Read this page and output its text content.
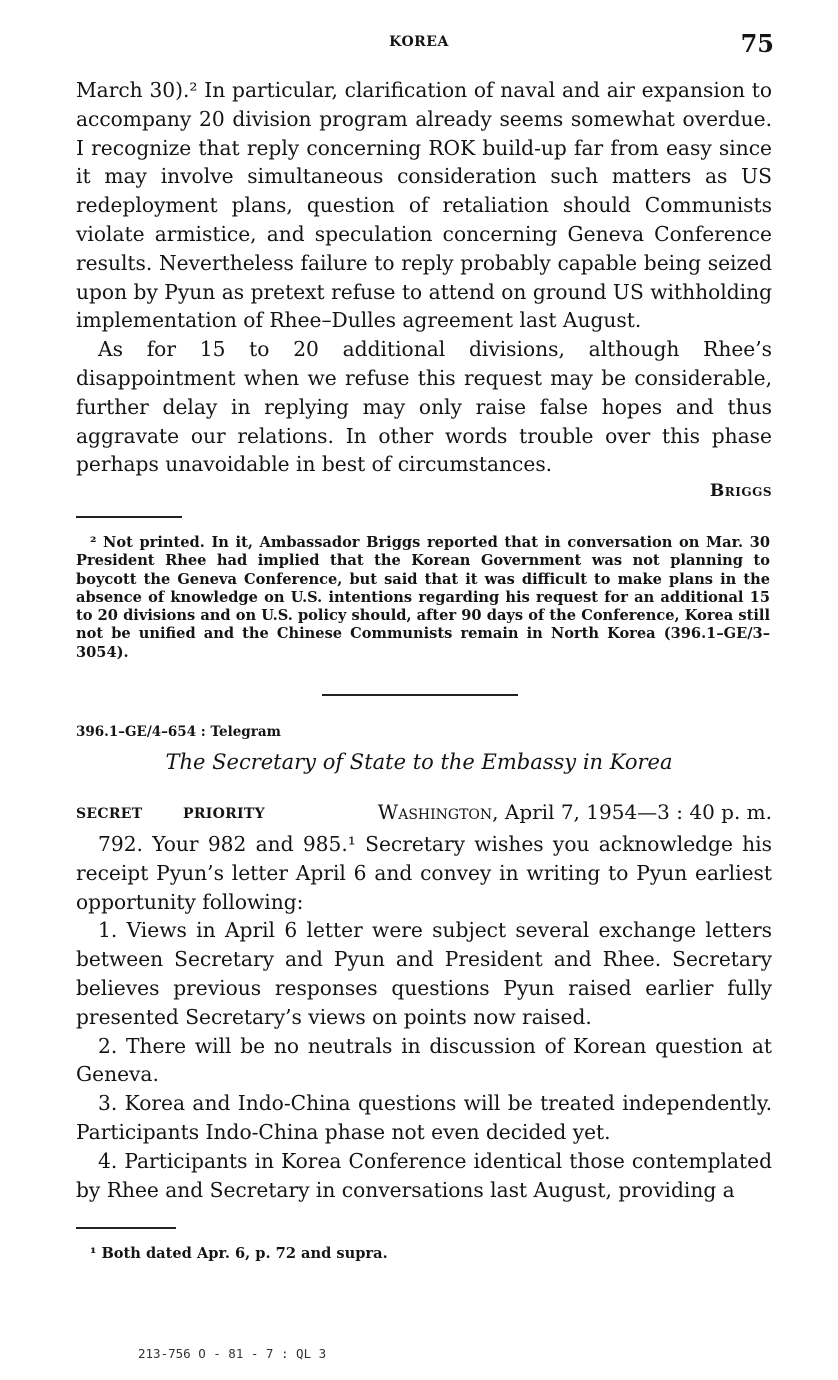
KOREA	75

March 30).² In particular, clarification of naval and air expansion to accompany 20 division program already seems somewhat overdue. I recognize that reply concerning ROK build-up far from easy since it may involve simultaneous consideration such matters as US redeployment plans, question of retaliation should Communists violate armistice, and speculation concerning Geneva Conference results. Nevertheless failure to reply probably capable being seized upon by Pyun as pretext refuse to attend on ground US withholding implementation of Rhee–Dulles agreement last August.

As for 15 to 20 additional divisions, although Rhee’s disappointment when we refuse this request may be considerable, further delay in replying may only raise false hopes and thus aggravate our relations. In other words trouble over this phase perhaps unavoidable in best of circumstances.

Briggs

² Not printed. In it, Ambassador Briggs reported that in conversation on Mar. 30 President Rhee had implied that the Korean Government was not planning to boycott the Geneva Conference, but said that it was difficult to make plans in the absence of knowledge on U.S. intentions regarding his request for an additional 15 to 20 divisions and on U.S. policy should, after 90 days of the Conference, Korea still not be unified and the Chinese Communists remain in North Korea (396.1–GE/3–3054).

396.1–GE/4–654 : Telegram
The Secretary of State to the Embassy in Korea
SECRET	PRIORITY	Washington, April 7, 1954—3 : 40 p. m.

792. Your 982 and 985.¹ Secretary wishes you acknowledge his receipt Pyun’s letter April 6 and convey in writing to Pyun earliest opportunity following:

1. Views in April 6 letter were subject several exchange letters between Secretary and Pyun and President and Rhee. Secretary believes previous responses questions Pyun raised earlier fully presented Secretary’s views on points now raised.

2. There will be no neutrals in discussion of Korean question at Geneva.

3. Korea and Indo-China questions will be treated independently. Participants Indo-China phase not even decided yet.

4. Participants in Korea Conference identical those contemplated by Rhee and Secretary in conversations last August, providing a

¹ Both dated Apr. 6, p. 72 and supra.

213-756 O - 81 - 7 : QL 3
